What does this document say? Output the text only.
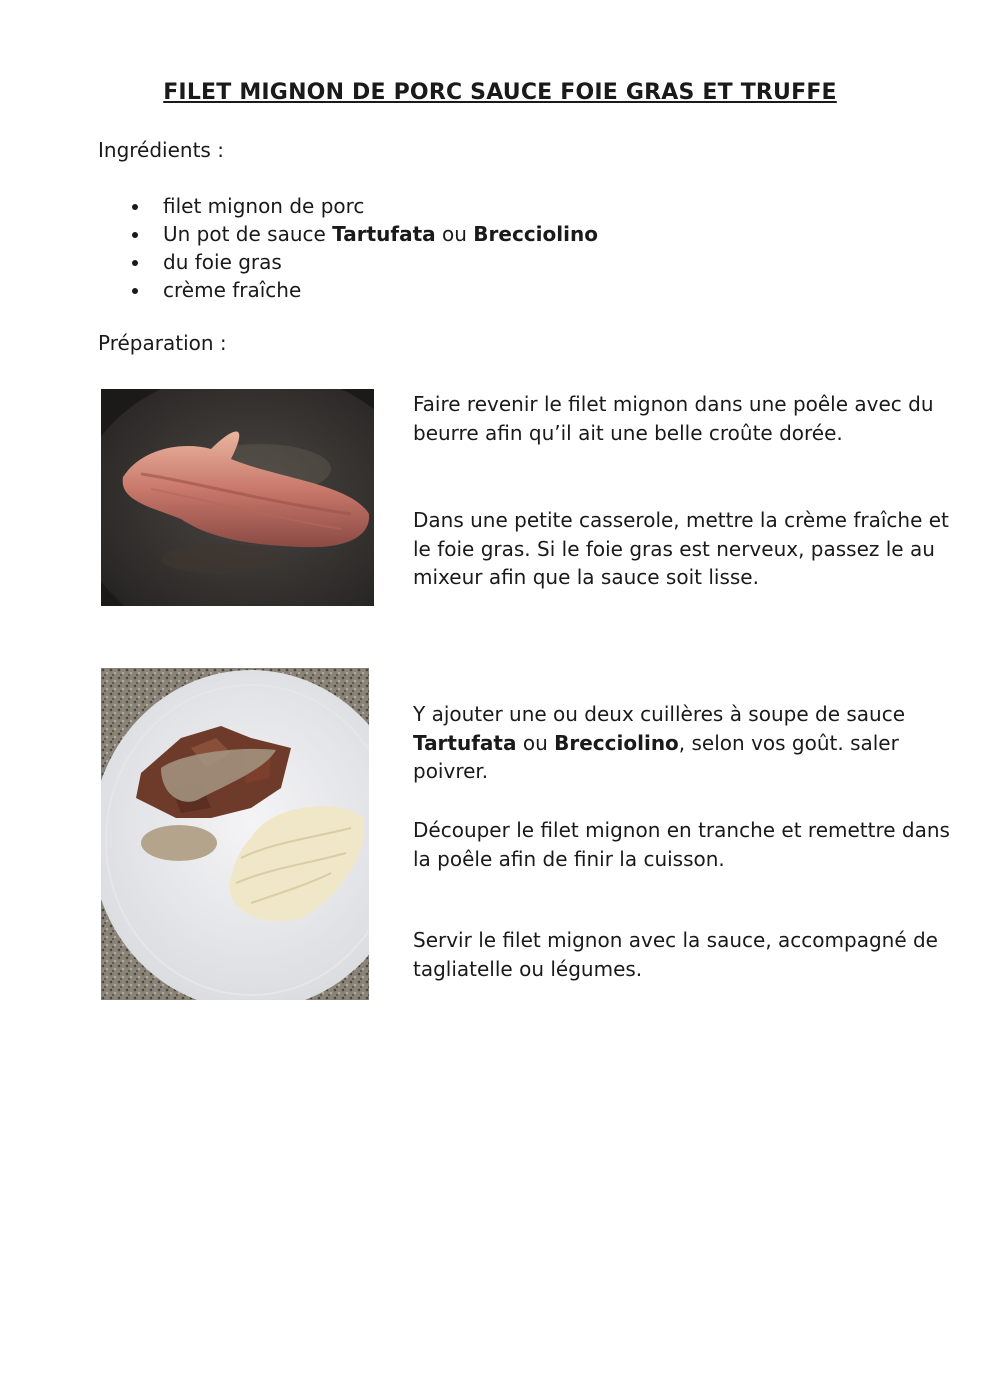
FILET MIGNON DE PORC SAUCE FOIE GRAS ET TRUFFE
Ingrédients :
filet mignon de porc
Un pot de sauce Tartufata ou Brecciolino
du foie gras
crème fraîche
Préparation :

Faire revenir le filet mignon dans une poêle avec du beurre afin qu’il ait une belle croûte dorée.

Dans une petite casserole, mettre la crème fraîche et le foie gras. Si le foie gras est nerveux, passez le au mixeur afin que la sauce soit lisse.

Y ajouter une ou deux cuillères à soupe de sauce Tartufata ou Brecciolino, selon vos goût. saler poivrer.

Découper le filet mignon en tranche et remettre dans la poêle afin de finir la cuisson.

Servir le filet mignon avec la sauce, accompagné de tagliatelle ou légumes.
